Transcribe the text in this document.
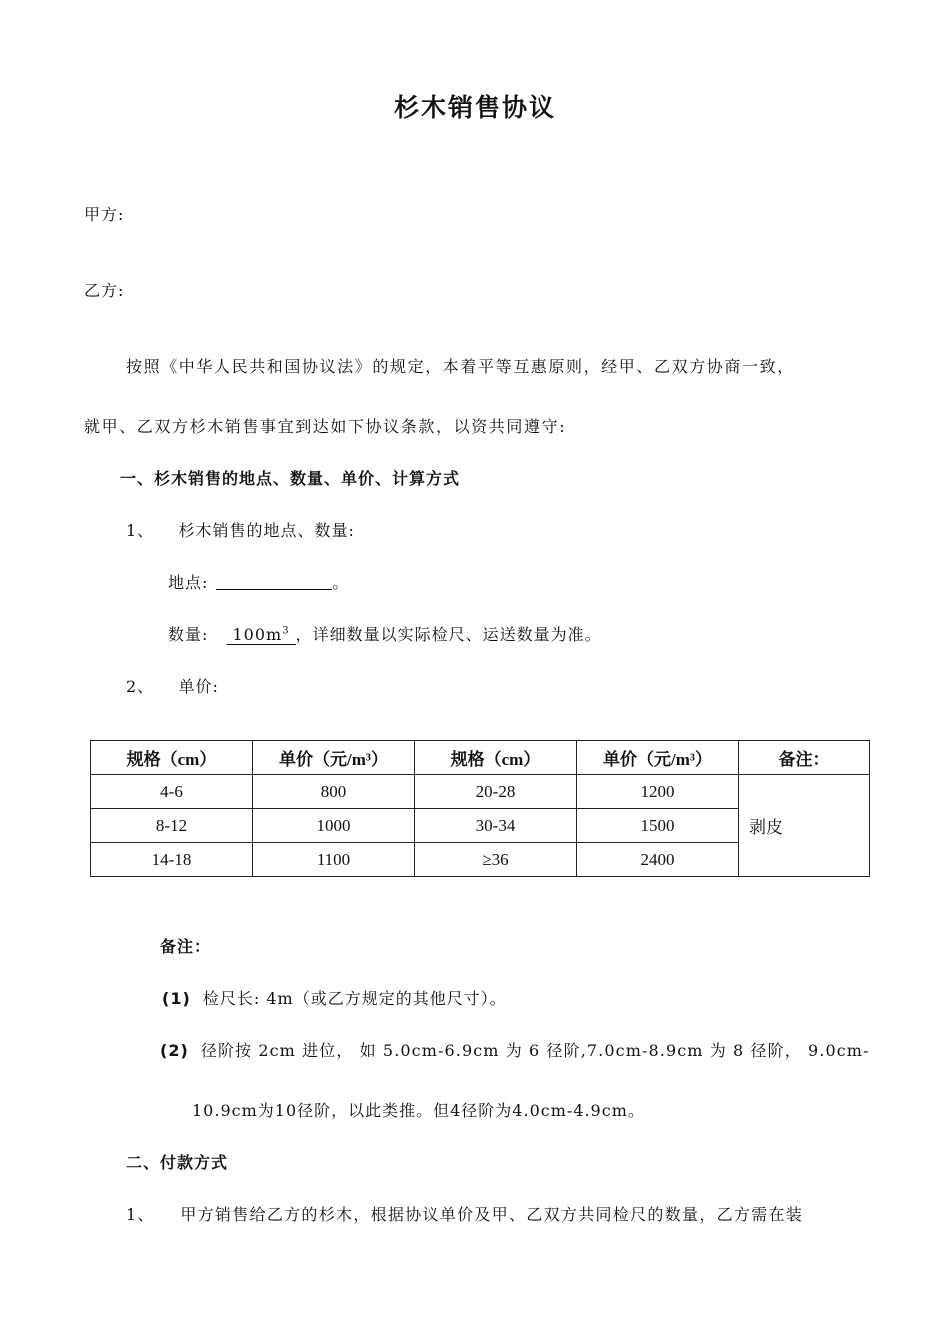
杉木销售协议
甲方:
乙方:
按照《中华人民共和国协议法》的规定，本着平等互惠原则，经甲、乙双方协商一致，
就甲、乙双方杉木销售事宜到达如下协议条款，以资共同遵守:
一、杉木销售的地点、数量、单价、计算方式
1、    杉木销售的地点、数量:
地点:	。
数量: $100m^3$ ，详细数量以实际检尺、运送数量为准。
2、    单价:
规格（cm）	单价（元/m³）	规格（cm）	单价（元/m³）	备注：
4-6	800	20-28	1200	剥皮
8-12	1000	30-34	1500	
14-18	1100	≥36	2400	
备注：
(1) 检尺长: 4m（或乙方规定的其他尺寸）。
(2) 径阶按 2cm 进位， 如 5.0cm-6.9cm 为 6 径阶,7.0cm-8.9cm 为 8 径阶， 9.0cm-
10.9cm为10径阶，以此类推。但4径阶为4.0cm-4.9cm。
二、付款方式
1、    甲方销售给乙方的杉木，根据协议单价及甲、乙双方共同检尺的数量，乙方需在装
